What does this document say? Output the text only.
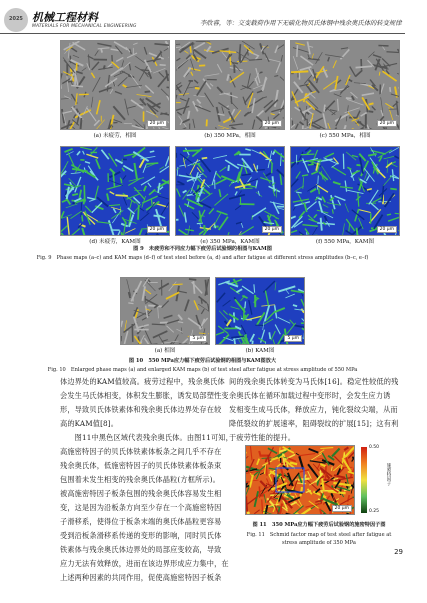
2025 机械工程材料
MATERIALS FOR MECHANICAL ENGINEERING	李欣睿，等：交变载荷作用下无碳化物贝氏体钢中残余奥氏体的转变规律
图 9　未疲劳和不同应力幅下疲劳后试验钢的相图与KAM图
Fig. 9　Phase maps (a–c) and KAM maps (d–f) of test steel before (a, d) and after fatigue at different stress amplitudes (b–c, e–f)
图 10　550 MPa应力幅下疲劳后试验钢的相图与KAM图放大
Fig. 10　Enlarged phase maps (a) and enlarged KAM maps (b) of test steel after fatigue at stress amplitude of 550 MPa
体边界处的KAM值较高。疲劳过程中，残余奥氏体
会发生马氏体相变，体积发生膨胀，诱发局部塑性变
形，导致贝氏体铁素体和残余奥氏体边界处存在较
高的KAM值[8]。
　　图11中黑色区域代表残余奥氏体。由图11可知，
高施密特因子的贝氏体铁素体板条之间几乎不存在
残余奥氏体，低施密特因子的贝氏体铁素体板条束
包围着未发生相变的残余奥氏体晶粒(方框所示)。
被高施密特因子板条包围的残余奥氏体容易发生相
变，这是因为沿板条方向至少存在一个高施密特因
子滑移系，使得位于板条末端的奥氏体晶粒更容易
受到沿板条滑移系传递的变形的影响，同时贝氏体
铁素体与残余奥氏体边界处的局部应变较高，导致
应力无法有效释放，进而在该边界形成应力集中，在
上述两种因素的共同作用，促使高施密特因子板条
间的残余奥氏体转变为马氏体[16]。稳定性较低的残
余奥氏体在循环加载过程中变形时，会发生应力诱
发相变生成马氏体，释放应力，钝化裂纹尖端，从而
降低裂纹的扩展速率，阻碍裂纹的扩展[15]；这有利
于疲劳性能的提升。
图 11　350 MPa应力幅下疲劳后试验钢的施密特因子图
Fig. 11　Schmid factor map of test steel after fatigue at
stress amplitude of 350 MPa
29
20 μm
(a) 未疲劳，相图
20 μm
(b) 350 MPa，相图
20 μm
(c) 550 MPa，相图
20 μm
(d) 未疲劳，KAM图
20 μm
(e) 350 MPa，KAM图
20 μm
(f) 550 MPa，KAM图
5 μm
(a) 相图
5 μm
(b) KAM图
20 μm
0.50
0.25
施密特因子
